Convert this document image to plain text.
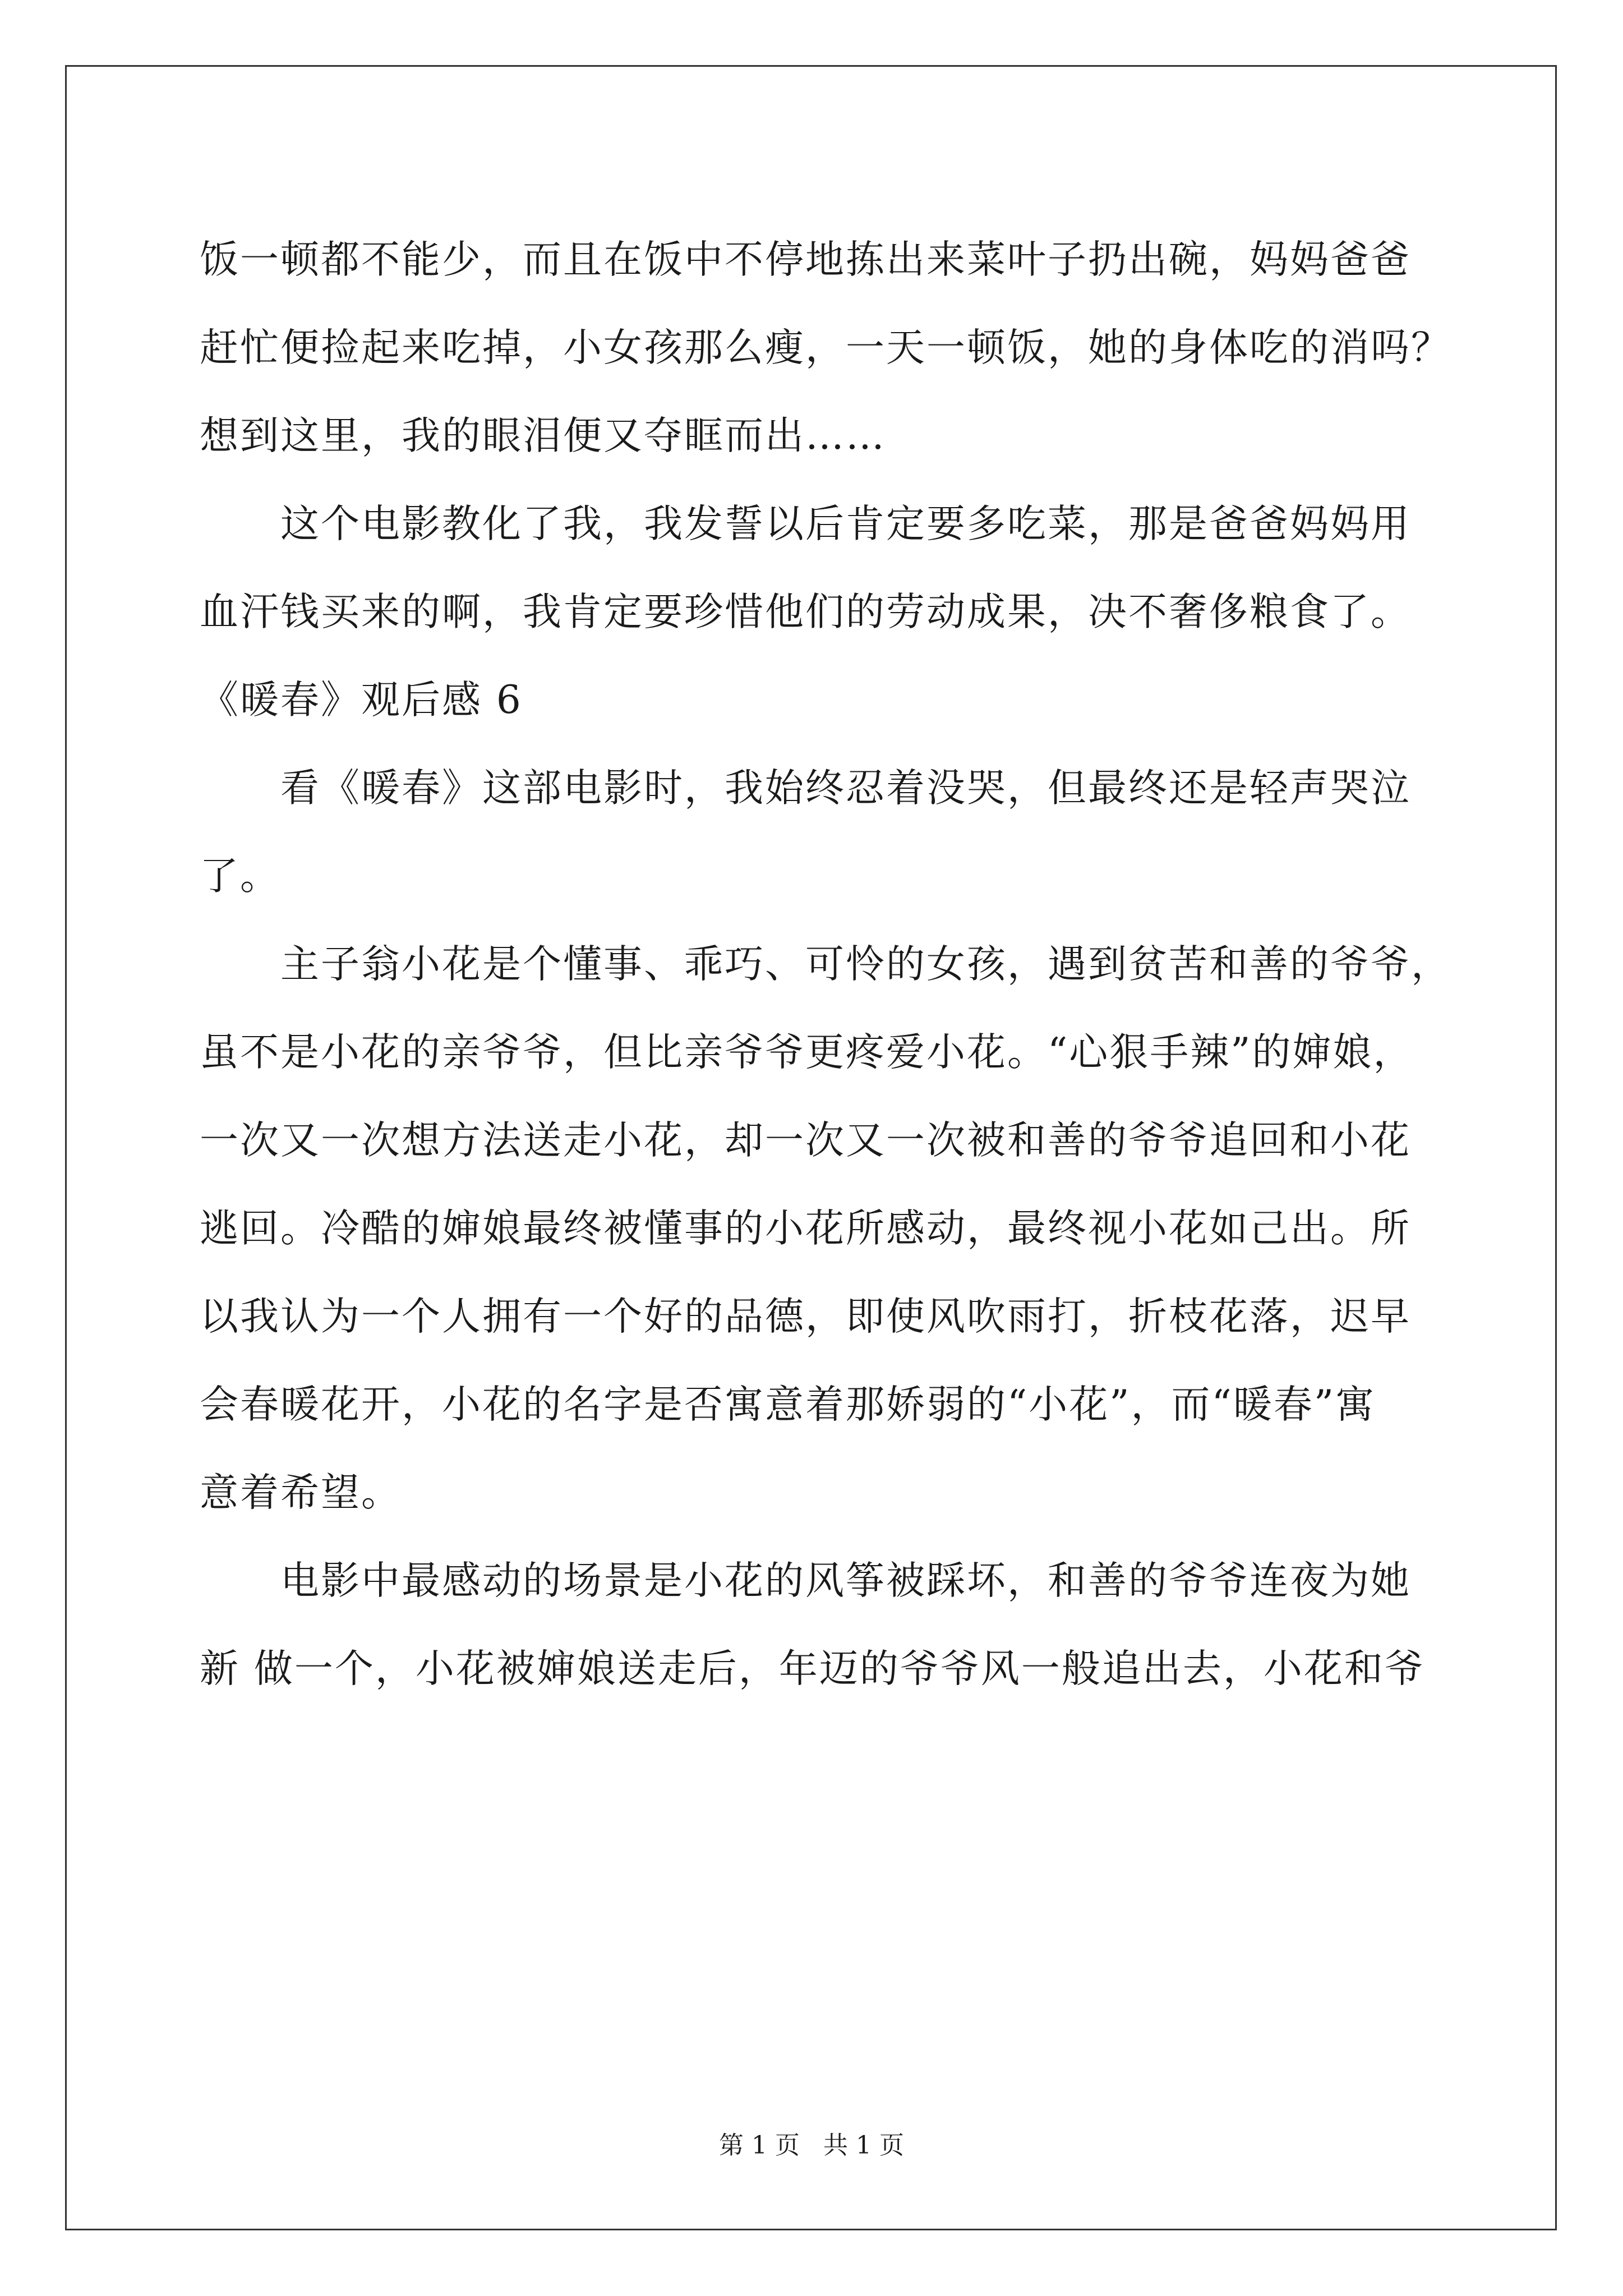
饭一顿都不能少，而且在饭中不停地拣出来菜叶子扔出碗，妈妈爸爸
赶忙便捡起来吃掉，小女孩那么瘦，一天一顿饭，她的身体吃的消吗？
想到这里，我的眼泪便又夺眶而出……
这个电影教化了我，我发誓以后肯定要多吃菜，那是爸爸妈妈用
血汗钱买来的啊，我肯定要珍惜他们的劳动成果，决不奢侈粮食了。
《暖春》观后感 6
看《暖春》这部电影时，我始终忍着没哭，但最终还是轻声哭泣
了。
主子翁小花是个懂事、乖巧、可怜的女孩，遇到贫苦和善的爷爷，
虽不是小花的亲爷爷，但比亲爷爷更疼爱小花。“心狠手辣”的婶娘，
一次又一次想方法送走小花，却一次又一次被和善的爷爷追回和小花
逃回。冷酷的婶娘最终被懂事的小花所感动，最终视小花如己出。所
以我认为一个人拥有一个好的品德，即使风吹雨打，折枝花落，迟早
会春暖花开，小花的名字是否寓意着那娇弱的“小花”，而“暖春”寓
意着希望。
电影中最感动的场景是小花的风筝被踩坏，和善的爷爷连夜为她
新 做一个，小花被婶娘送走后，年迈的爷爷风一般追出去，小花和爷
第 1 页   共 1 页
